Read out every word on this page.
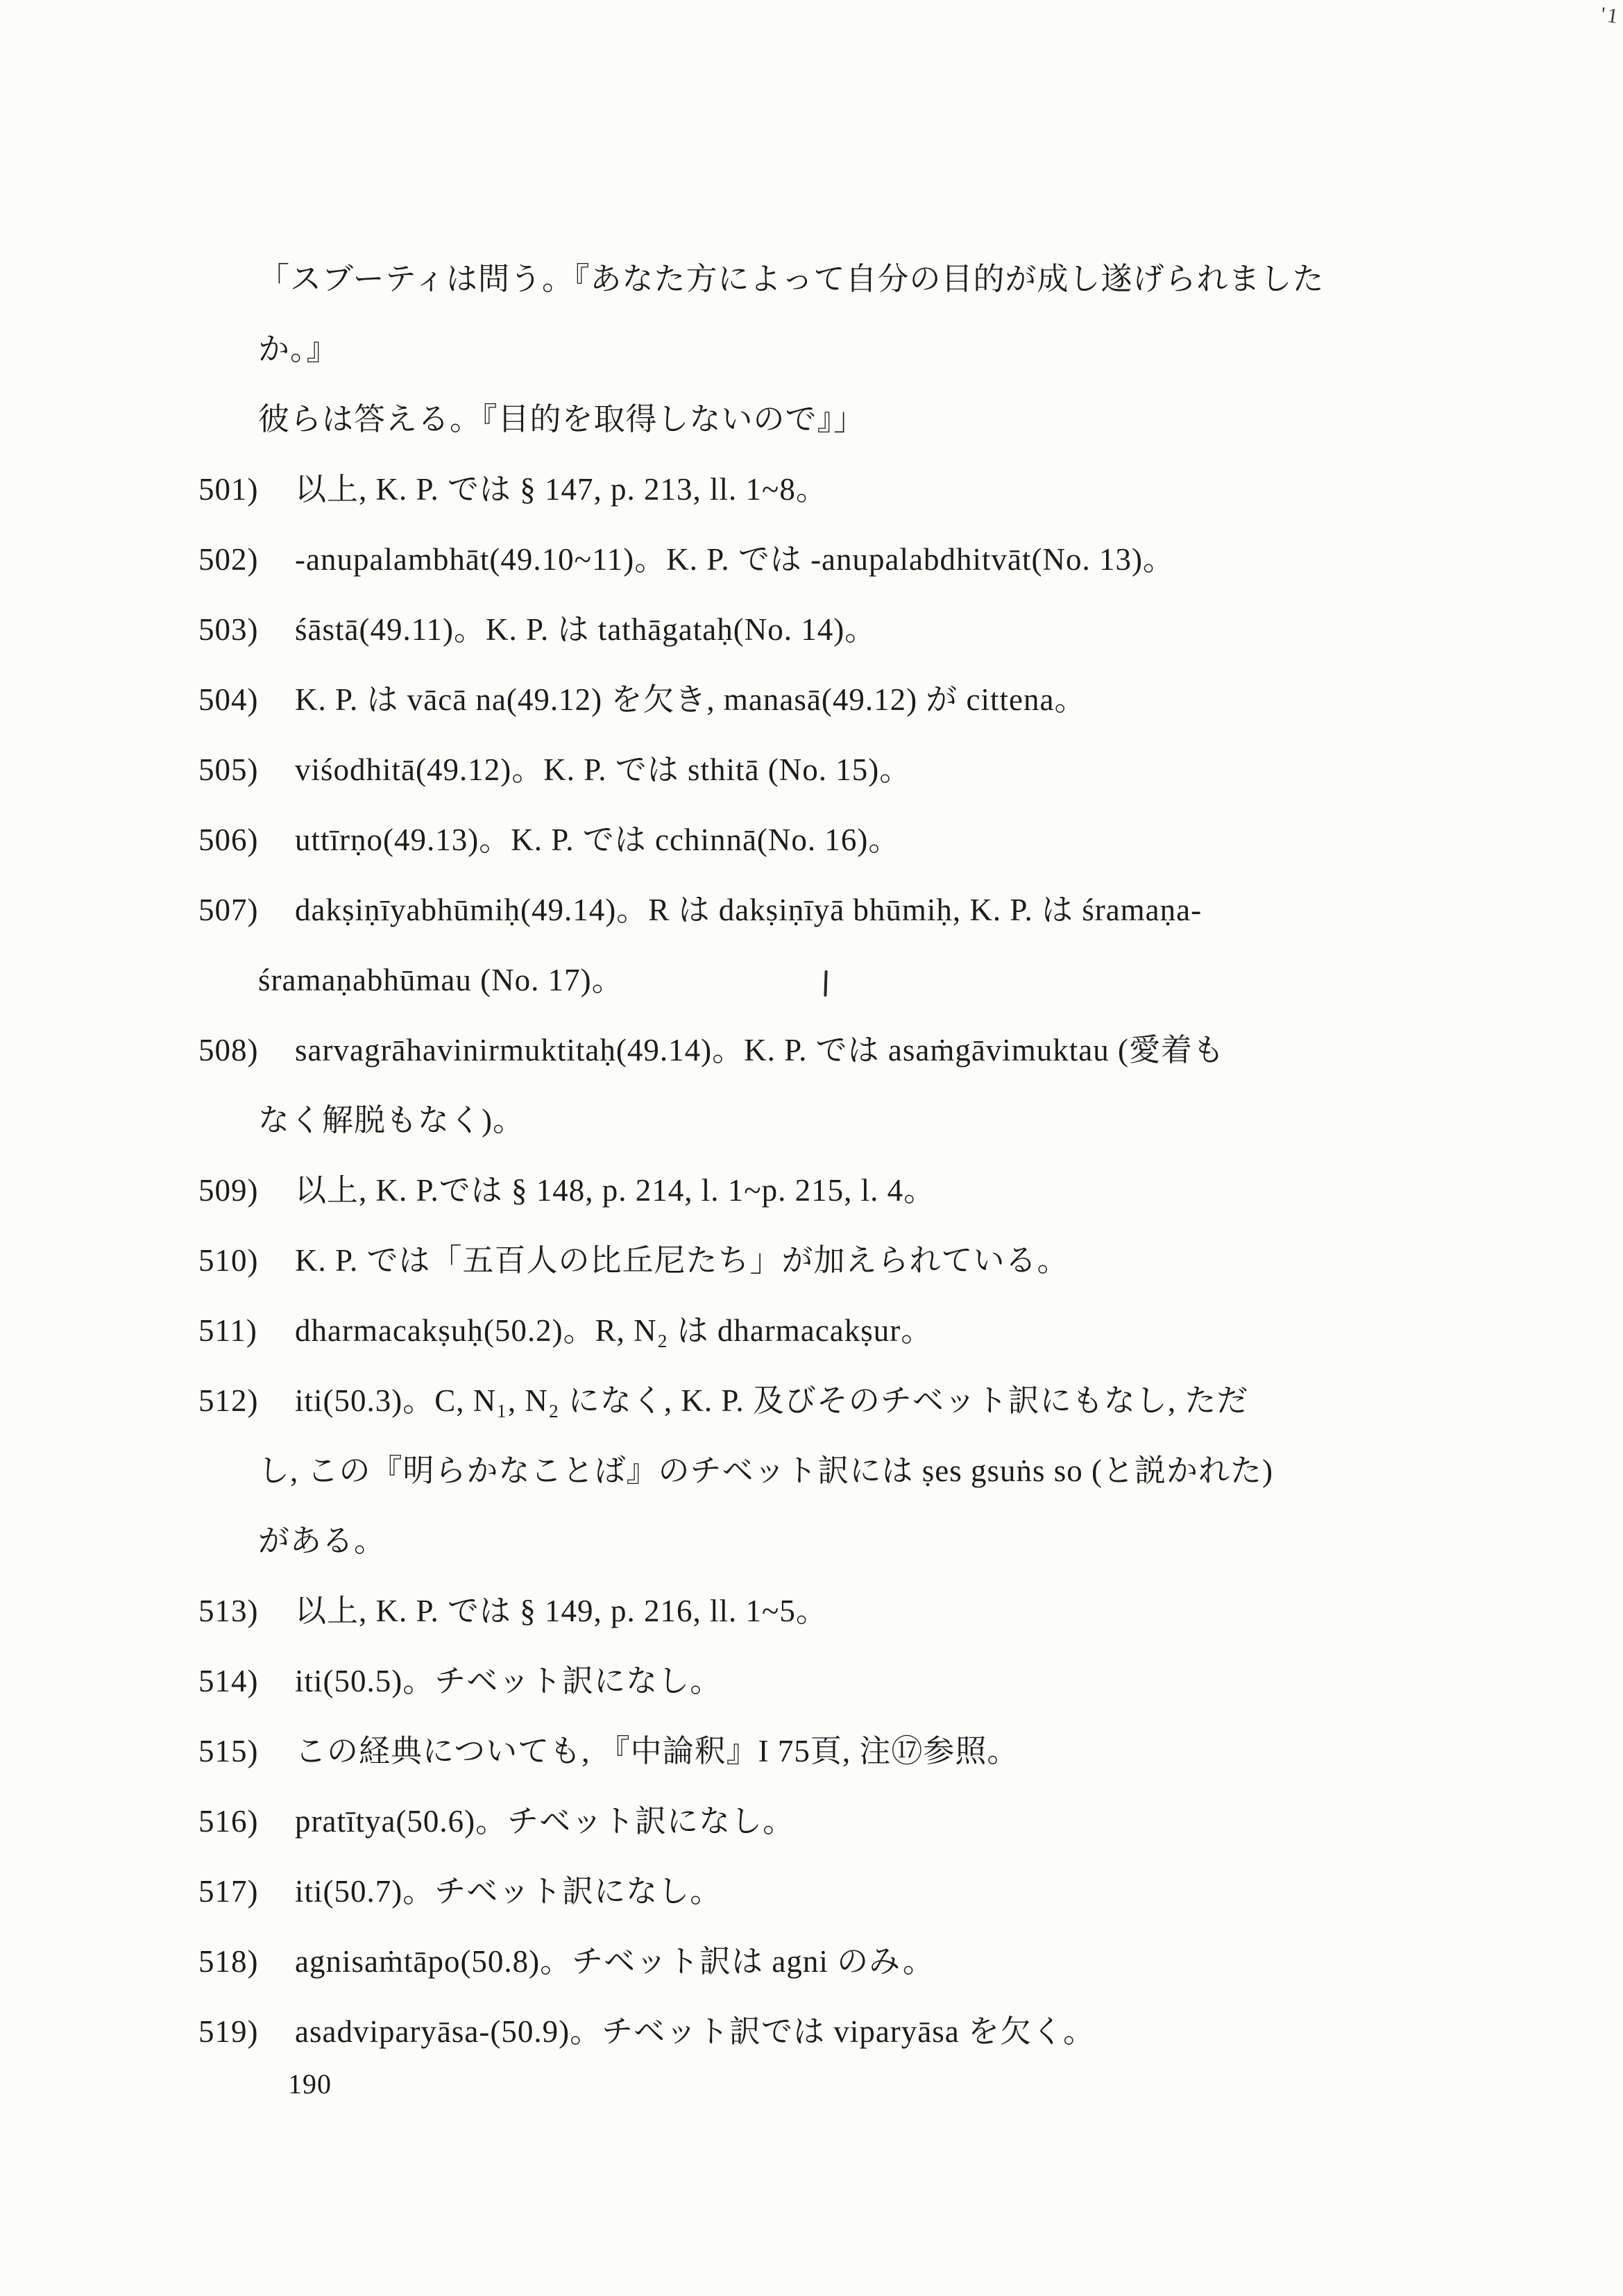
'1
「スブーティは問う。『あなた方によって自分の目的が成し遂げられました
か。』
彼らは答える。『目的を取得しないので』」
501)	以上, K. P. では § 147, p. 213, ll. 1~8。
502)	-anupalambhāt(49.10~11)。K. P. では -anupalabdhitvāt(No. 13)。
503)	śāstā(49.11)。K. P. は tathāgataḥ(No. 14)。
504)	K. P. は vācā na(49.12) を欠き, manasā(49.12) が cittena。
505)	viśodhitā(49.12)。K. P. では sthitā (No. 15)。
506)	uttīrṇo(49.13)。K. P. では cchinnā(No. 16)。
507)	dakṣiṇīyabhūmiḥ(49.14)。R は dakṣiṇīyā bhūmiḥ, K. P. は śramaṇa-
śramaṇabhūmau (No. 17)。
508)	sarvagrāhavinirmuktitaḥ(49.14)。K. P. では asaṁgāvimuktau (愛着も
なく解脱もなく)。
509)	以上, K. P.では § 148, p. 214, l. 1~p. 215, l. 4。
510)	K. P. では「五百人の比丘尼たち」が加えられている。
511)	dharmacakṣuḥ(50.2)。R, N₂ は dharmacakṣur。
512)	iti(50.3)。C, N₁, N₂ になく, K. P. 及びそのチベット訳にもなし, ただ
し, この『明らかなことば』のチベット訳には ṣes gsuṅs so (と説かれた)
がある。
513)	以上, K. P. では § 149, p. 216, ll. 1~5。
514)	iti(50.5)。チベット訳になし。
515)	この経典についても, 『中論釈』I 75頁, 注⑰参照。
516)	pratītya(50.6)。チベット訳になし。
517)	iti(50.7)。チベット訳になし。
518)	agnisaṁtāpo(50.8)。チベット訳は agni のみ。
519)	asadviparyāsa-(50.9)。チベット訳では viparyāsa を欠く。
190
